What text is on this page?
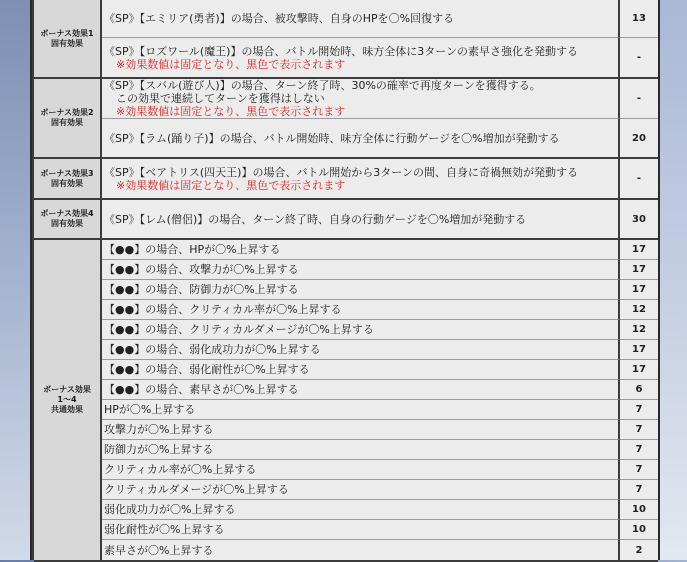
ボーナス効果1
固有効果	《SP》【エミリア(勇者)】の場合、被攻撃時、自身のHPを〇%回復する	13

	《SP》【ロズワール(魔王)】の場合、バトル開始時、味方全体に3ターンの素早さ強化を発動する
※効果数値は固定となり、黒色で表示されます	-

ボーナス効果2
固有効果	《SP》【スバル(遊び人)】の場合、ターン終了時、30%の確率で再度ターンを獲得する。
この効果で連続してターンを獲得はしない
※効果数値は固定となり、黒色で表示されます	-

	《SP》【ラム(踊り子)】の場合、バトル開始時、味方全体に行動ゲージを〇%増加が発動する	20

ボーナス効果3
固有効果	《SP》【ベアトリス(四天王)】の場合、バトル開始から3ターンの間、自身に奇禍無効が発動する
※効果数値は固定となり、黒色で表示されます	-

ボーナス効果4
固有効果	《SP》【レム(僧侶)】の場合、ターン終了時、自身の行動ゲージを〇%増加が発動する	30

ボーナス効果
1〜4
共通効果	【●●】の場合、HPが〇%上昇する	17

	【●●】の場合、攻撃力が〇%上昇する	17

	【●●】の場合、防御力が〇%上昇する	17

	【●●】の場合、クリティカル率が〇%上昇する	12

	【●●】の場合、クリティカルダメージが〇%上昇する	12

	【●●】の場合、弱化成功力が〇%上昇する	17

	【●●】の場合、弱化耐性が〇%上昇する	17

	【●●】の場合、素早さが〇%上昇する	6

	HPが〇%上昇する	7

	攻撃力が〇%上昇する	7

	防御力が〇%上昇する	7

	クリティカル率が〇%上昇する	7

	クリティカルダメージが〇%上昇する	7

	弱化成功力が〇%上昇する	10

	弱化耐性が〇%上昇する	10

	素早さが〇%上昇する	2
